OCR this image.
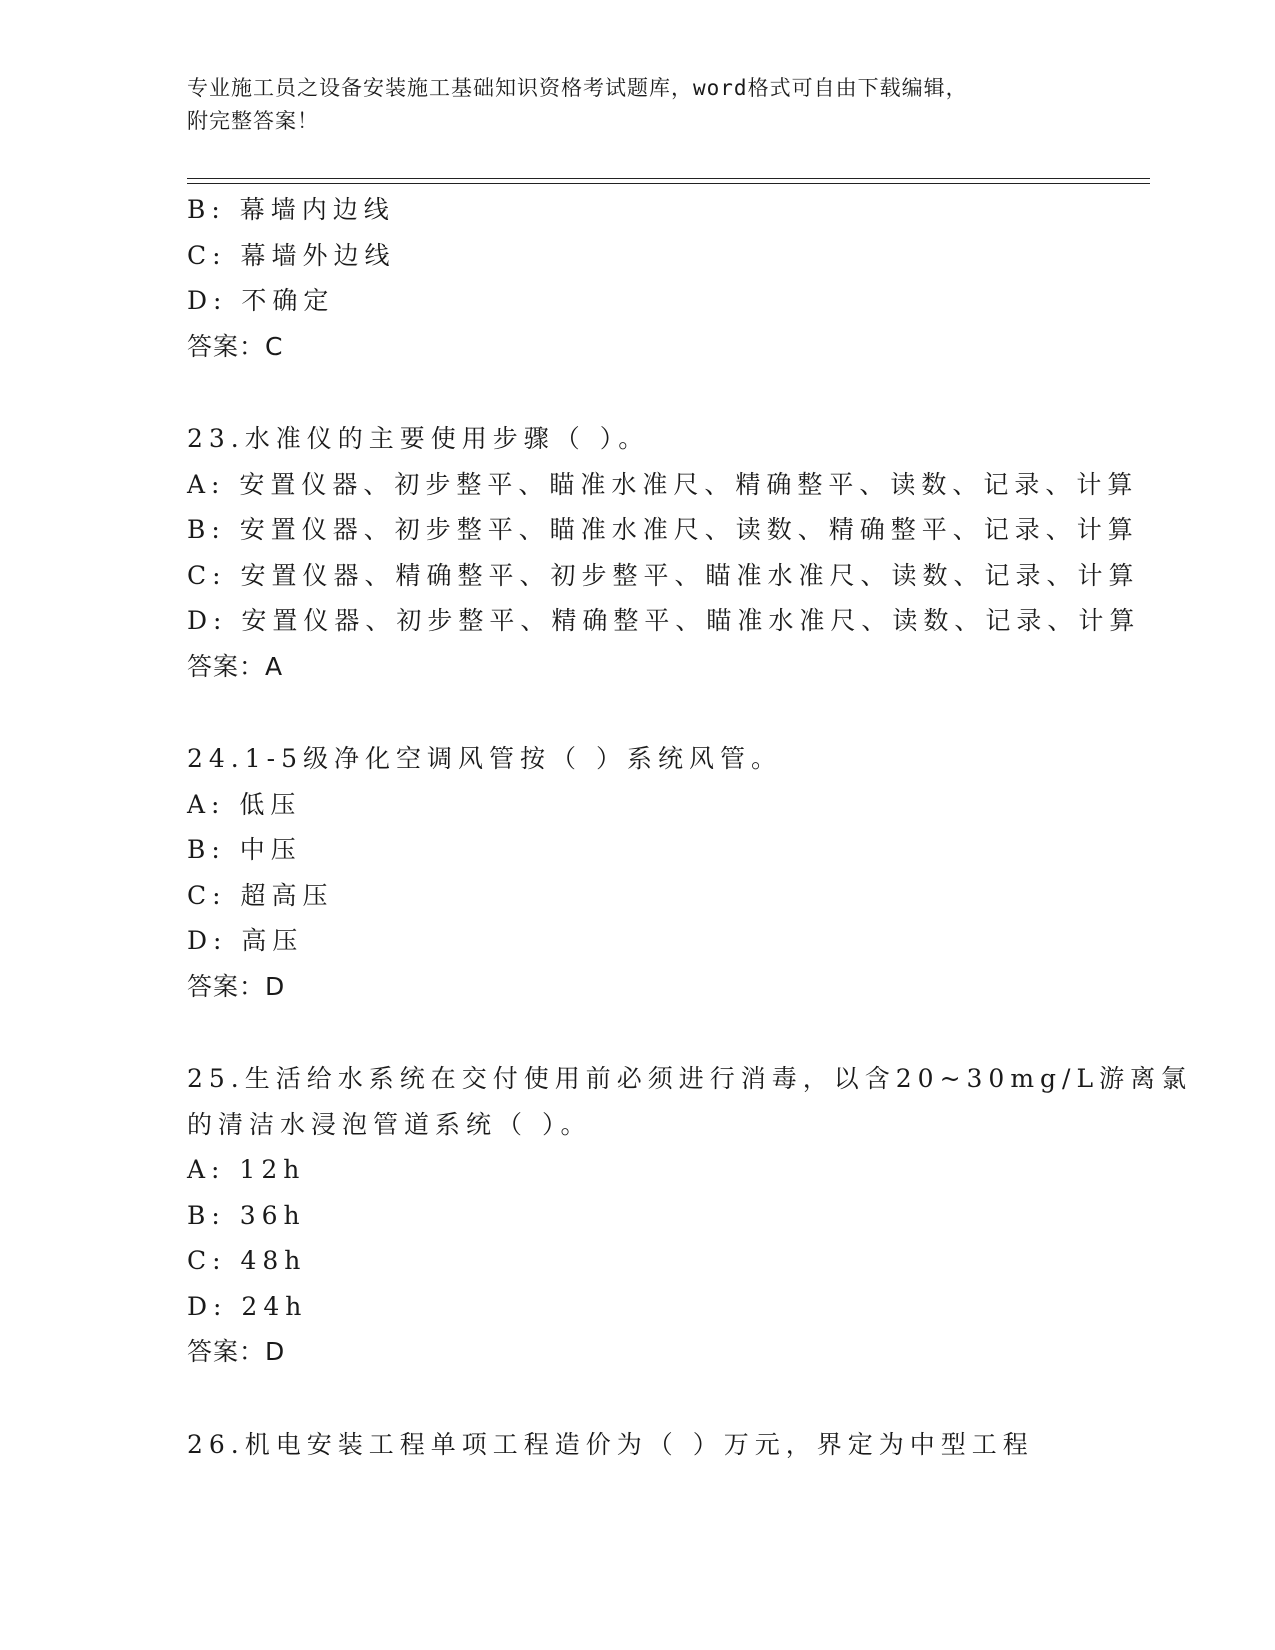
专业施工员之设备安装施工基础知识资格考试题库，word格式可自由下载编辑，
附完整答案！
B: 幕墙内边线
C: 幕墙外边线
D: 不确定
答案：C
23.水准仪的主要使用步骤（ ）。
A: 安置仪器、初步整平、瞄准水准尺、精确整平、读数、记录、计算
B: 安置仪器、初步整平、瞄准水准尺、读数、精确整平、记录、计算
C: 安置仪器、精确整平、初步整平、瞄准水准尺、读数、记录、计算
D: 安置仪器、初步整平、精确整平、瞄准水准尺、读数、记录、计算
答案：A
24.1-5级净化空调风管按（ ）系统风管。
A: 低压
B: 中压
C: 超高压
D: 高压
答案：D
25.生活给水系统在交付使用前必须进行消毒，以含20~30mg/L游离氯
的清洁水浸泡管道系统（ ）。
A: 12h
B: 36h
C: 48h
D: 24h
答案：D
26.机电安装工程单项工程造价为（ ）万元，界定为中型工程
